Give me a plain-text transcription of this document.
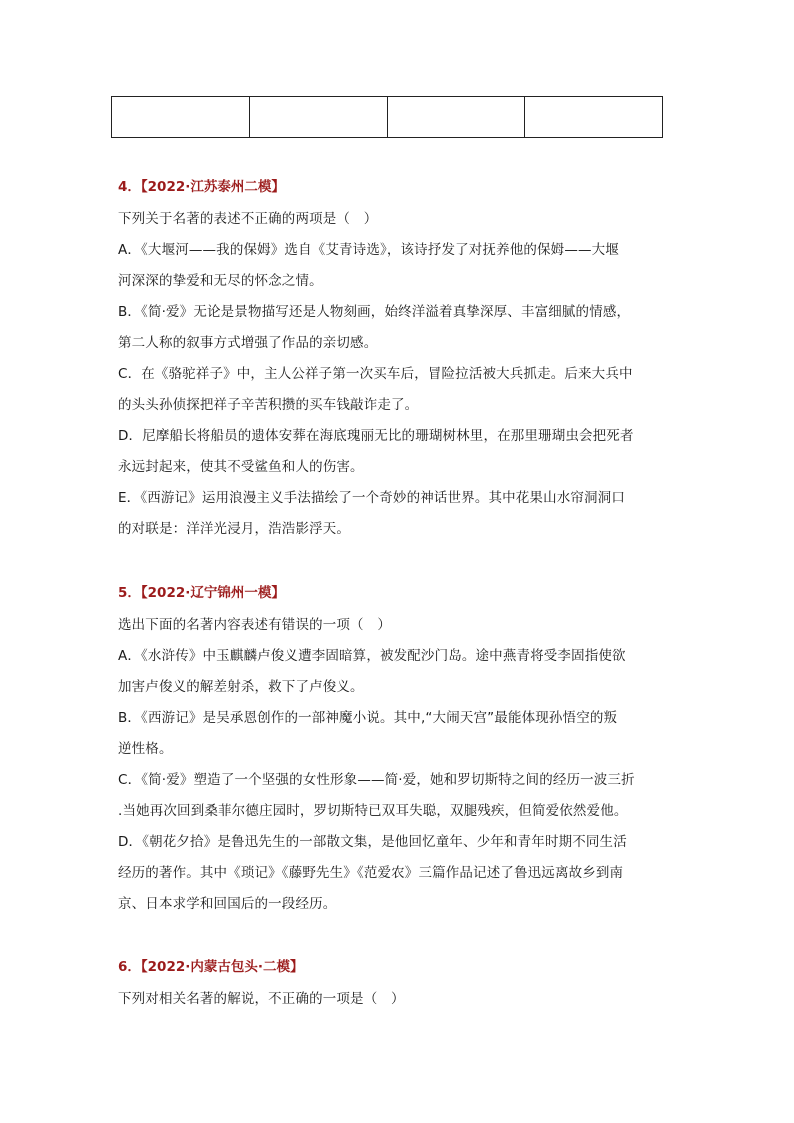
4．【2022·江苏泰州二模】
下列关于名著的表述不正确的两项是（　）
A．《大堰河——我的保姆》选自《艾青诗选》，该诗抒发了对抚养他的保姆——大堰
河深深的挚爱和无尽的怀念之情。
B．《简·爱》无论是景物描写还是人物刻画，始终洋溢着真挚深厚、丰富细腻的情感，
第二人称的叙事方式增强了作品的亲切感。
C．在《骆驼祥子》中，主人公祥子第一次买车后，冒险拉活被大兵抓走。后来大兵中
的头头孙侦探把祥子辛苦积攒的买车钱敲诈走了。
D．尼摩船长将船员的遗体安葬在海底瑰丽无比的珊瑚树林里，在那里珊瑚虫会把死者
永远封起来，使其不受鲨鱼和人的伤害。
E．《西游记》运用浪漫主义手法描绘了一个奇妙的神话世界。其中花果山水帘洞洞口
的对联是：洋洋光浸月，浩浩影浮天。
5．【2022·辽宁锦州一模】
选出下面的名著内容表述有错误的一项（　）
A．《水浒传》中玉麒麟卢俊义遭李固暗算，被发配沙门岛。途中燕青将受李固指使欲
加害卢俊义的解差射杀，救下了卢俊义。
B．《西游记》是吴承恩创作的一部神魔小说。其中,“大闹天宫”最能体现孙悟空的叛
逆性格。
C．《简·爱》塑造了一个坚强的女性形象——简·爱，她和罗切斯特之间的经历一波三折
.当她再次回到桑菲尔德庄园时，罗切斯特已双耳失聪，双腿残疾，但简爱依然爱他。
D．《朝花夕拾》是鲁迅先生的一部散文集，是他回忆童年、少年和青年时期不同生活
经历的著作。其中《琐记》《藤野先生》《范爱农》三篇作品记述了鲁迅远离故乡到南
京、日本求学和回国后的一段经历。
6．【2022·内蒙古包头·二模】
下列对相关名著的解说，不正确的一项是（　）
